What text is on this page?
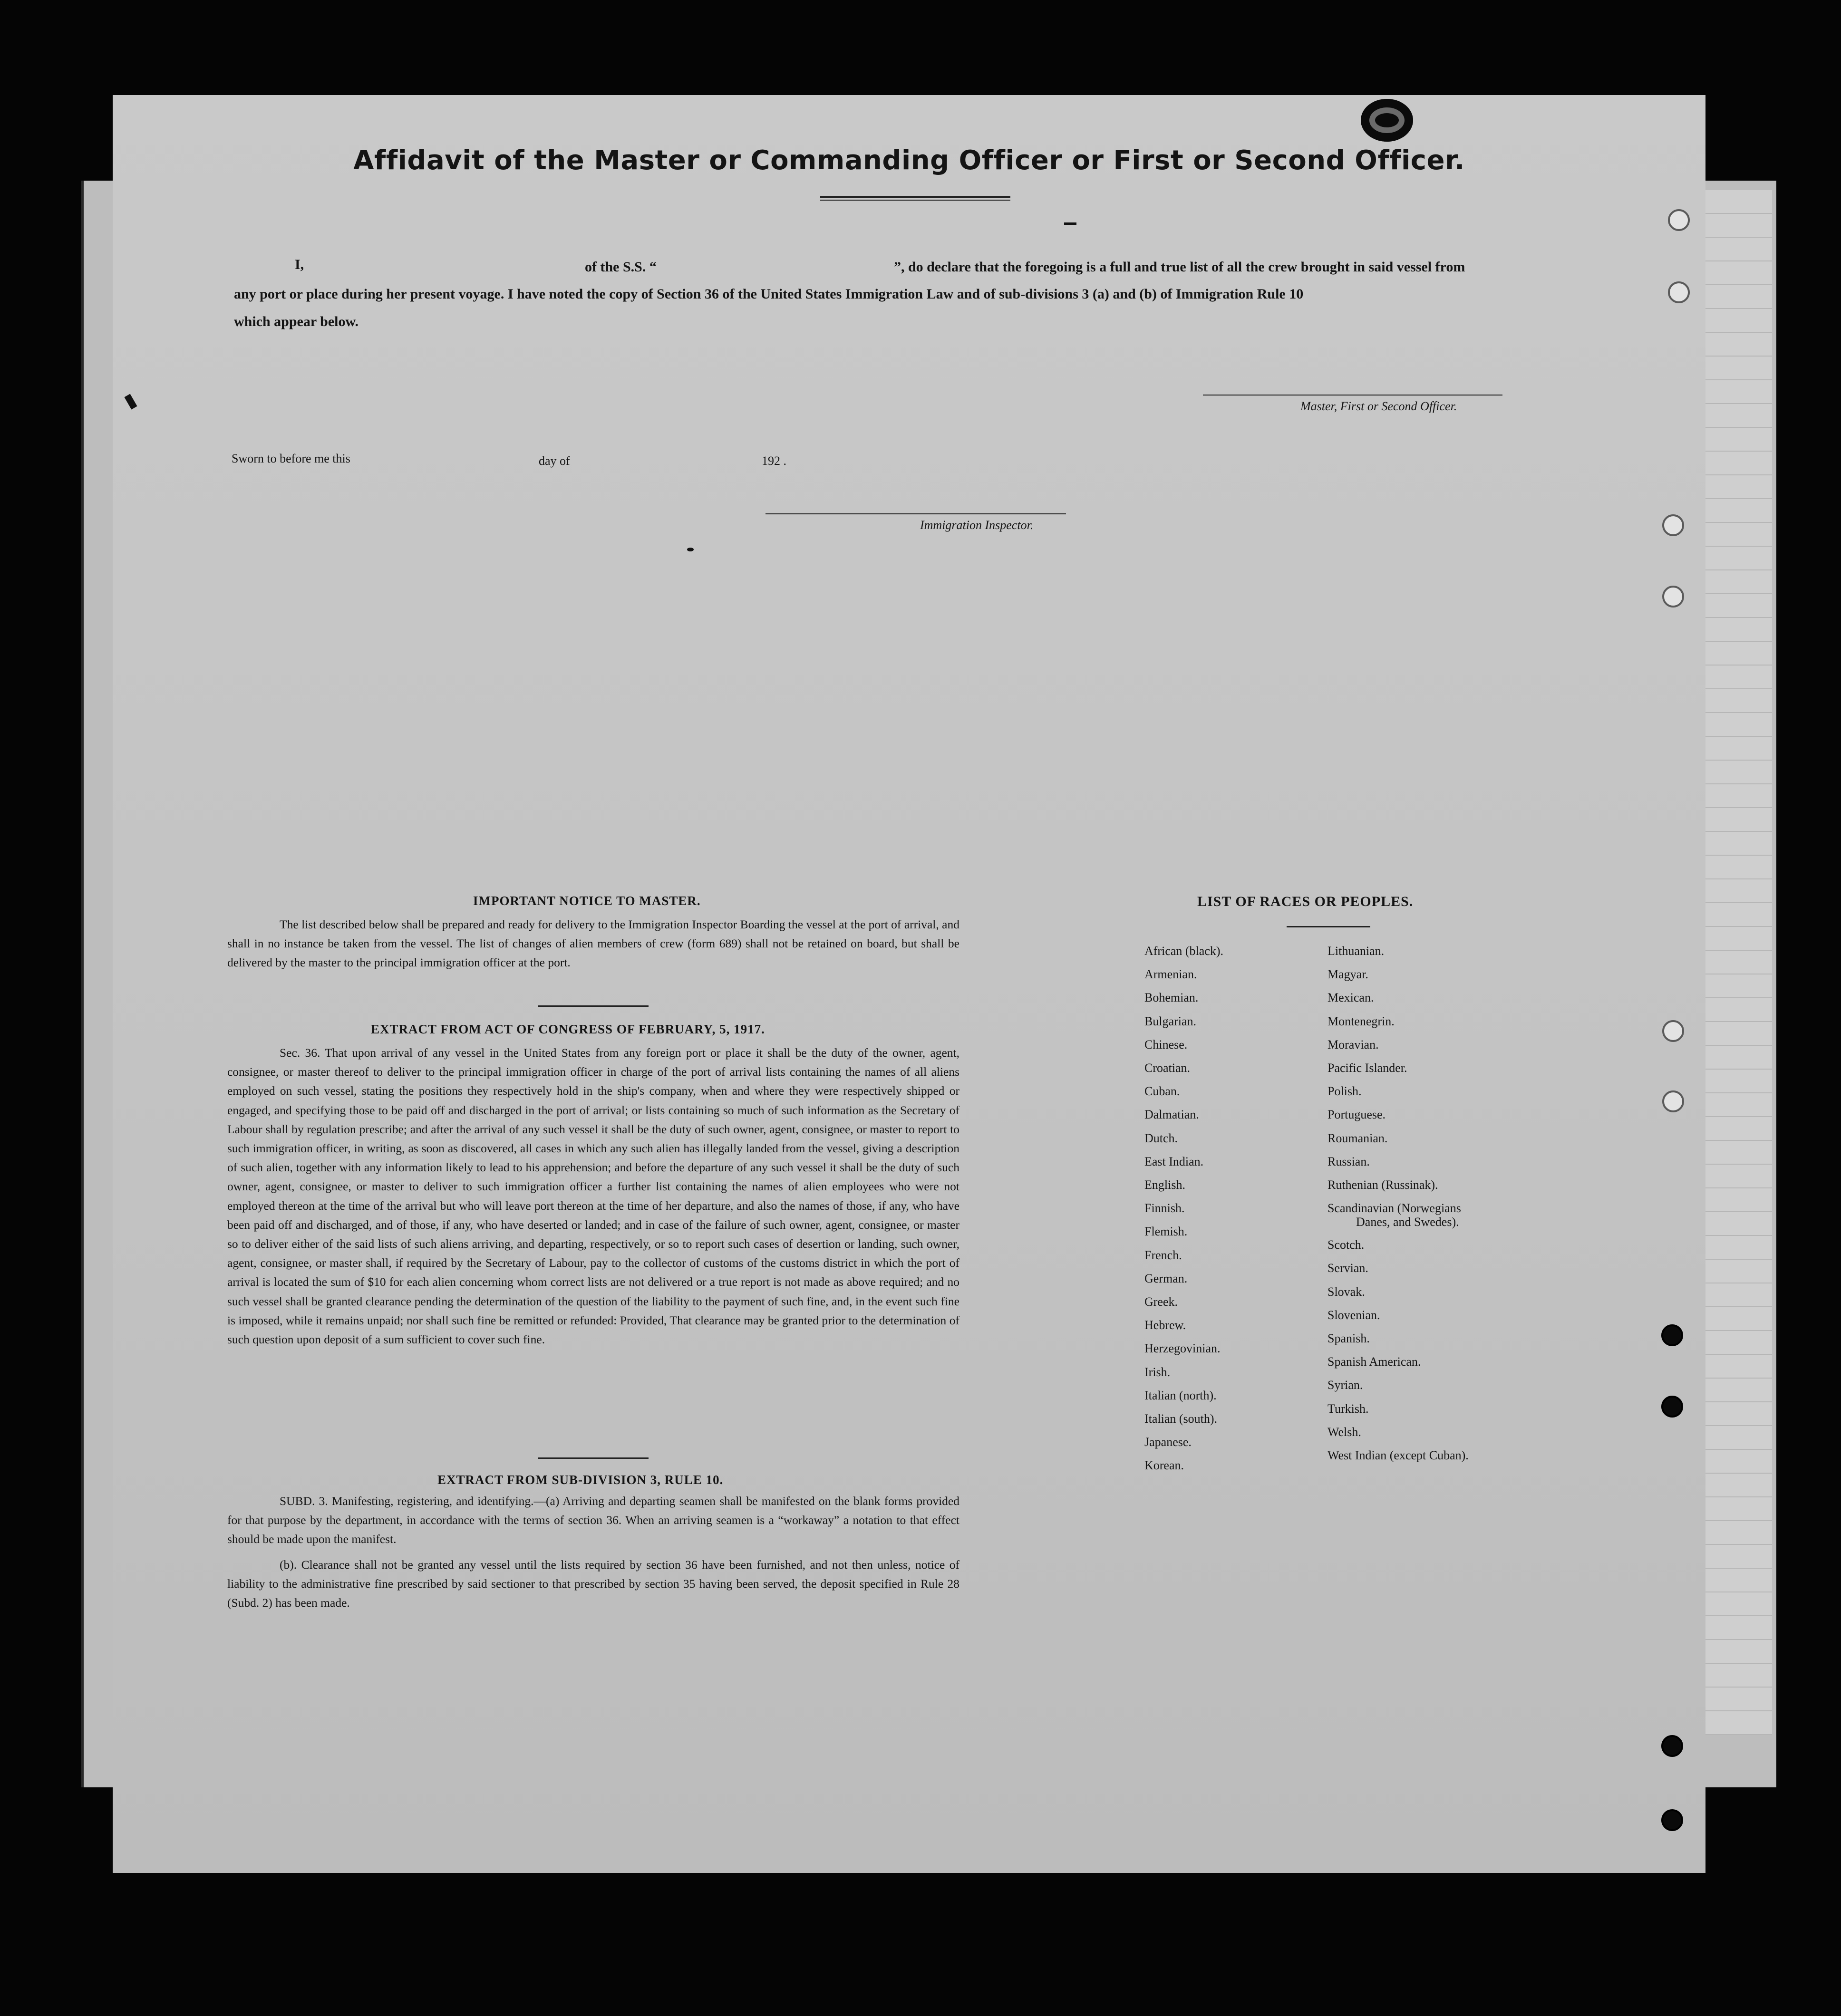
Affidavit of the Master or Commanding Officer or First or Second Officer.
I,	of the S.S. “	”, do declare that the foregoing is a full and true list of all the crew brought in said vessel from
any port or place during her present voyage. I have noted the copy of Section 36 of the United States Immigration Law and of sub-divisions 3 (a) and (b) of Immigration Rule 10
which appear below.
Master, First or Second Officer.
Sworn to before me this	day of	192 .
Immigration Inspector.
IMPORTANT NOTICE TO MASTER.
The list described below shall be prepared and ready for delivery to the Immigration Inspector Boarding the vessel at the port of arrival, and shall in no instance be taken from the vessel. The list of changes of alien members of crew (form 689) shall not be retained on board, but shall be delivered by the master to the principal immigration officer at the port.
EXTRACT FROM ACT OF CONGRESS OF FEBRUARY, 5, 1917.
Sec. 36. That upon arrival of any vessel in the United States from any foreign port or place it shall be the duty of the owner, agent, consignee, or master thereof to deliver to the principal immigration officer in charge of the port of arrival lists containing the names of all aliens employed on such vessel, stating the positions they respectively hold in the ship's company, when and where they were respectively shipped or engaged, and specifying those to be paid off and discharged in the port of arrival; or lists containing so much of such information as the Secretary of Labour shall by regulation prescribe; and after the arrival of any such vessel it shall be the duty of such owner, agent, consignee, or master to report to such immigration officer, in writing, as soon as discovered, all cases in which any such alien has illegally landed from the vessel, giving a description of such alien, together with any information likely to lead to his apprehension; and before the departure of any such vessel it shall be the duty of such owner, agent, consignee, or master to deliver to such immigration officer a further list containing the names of alien employees who were not employed thereon at the time of the arrival but who will leave port thereon at the time of her departure, and also the names of those, if any, who have been paid off and discharged, and of those, if any, who have deserted or landed; and in case of the failure of such owner, agent, consignee, or master so to deliver either of the said lists of such aliens arriving, and departing, respectively, or so to report such cases of desertion or landing, such owner, agent, consignee, or master shall, if required by the Secretary of Labour, pay to the collector of customs of the customs district in which the port of arrival is located the sum of $10 for each alien concerning whom correct lists are not delivered or a true report is not made as above required; and no such vessel shall be granted clearance pending the determination of the question of the liability to the payment of such fine, and, in the event such fine is imposed, while it remains unpaid; nor shall such fine be remitted or refunded: Provided, That clearance may be granted prior to the determination of such question upon deposit of a sum sufficient to cover such fine.
EXTRACT FROM SUB-DIVISION 3, RULE 10.
SUBD. 3. Manifesting, registering, and identifying.—(a) Arriving and departing seamen shall be manifested on the blank forms provided for that purpose by the department, in accordance with the terms of section 36. When an arriving seamen is a “workaway” a notation to that effect should be made upon the manifest.
(b). Clearance shall not be granted any vessel until the lists required by section 36 have been furnished, and not then unless, notice of liability to the administrative fine prescribed by said sectioner to that prescribed by section 35 having been served, the deposit specified in Rule 28 (Subd. 2) has been made.
LIST OF RACES OR PEOPLES.
African (black).
Armenian.
Bohemian.
Bulgarian.
Chinese.
Croatian.
Cuban.
Dalmatian.
Dutch.
East Indian.
English.
Finnish.
Flemish.
French.
German.
Greek.
Hebrew.
Herzegovinian.
Irish.
Italian (north).
Italian (south).
Japanese.
Korean.
Lithuanian.
Magyar.
Mexican.
Montenegrin.
Moravian.
Pacific Islander.
Polish.
Portuguese.
Roumanian.
Russian.
Ruthenian (Russinak).
Scandinavian (Norwegians
Danes, and Swedes).
Scotch.
Servian.
Slovak.
Slovenian.
Spanish.
Spanish American.
Syrian.
Turkish.
Welsh.
West Indian (except Cuban).
